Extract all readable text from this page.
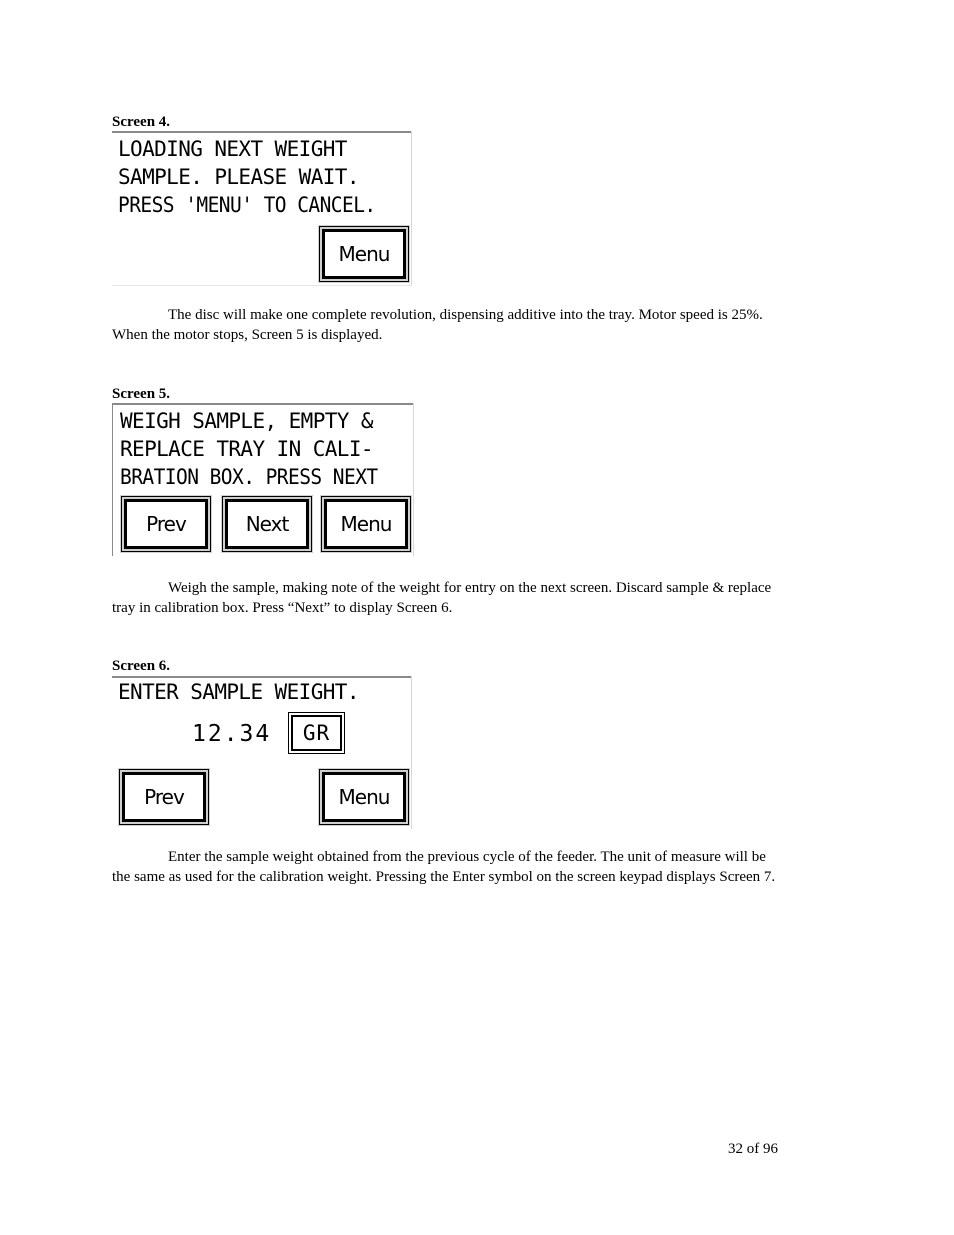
Screen 4.
LOADING NEXT WEIGHT
SAMPLE. PLEASE WAIT.
PRESS 'MENU' TO CANCEL.
Menu
The disc will make one complete revolution, dispensing additive into the tray. Motor speed is 25%.
When the motor stops, Screen 5 is displayed.
Screen 5.
WEIGH SAMPLE, EMPTY &
REPLACE TRAY IN CALI-
BRATION BOX. PRESS NEXT
Prev	Next	Menu
Weigh the sample, making note of the weight for entry on the next screen. Discard sample & replace
tray in calibration box. Press “Next” to display Screen 6.
Screen 6.
ENTER SAMPLE WEIGHT.
12.34	GR
Prev	Menu
Enter the sample weight obtained from the previous cycle of the feeder. The unit of measure will be
the same as used for the calibration weight. Pressing the Enter symbol on the screen keypad displays Screen 7.
32 of 96
